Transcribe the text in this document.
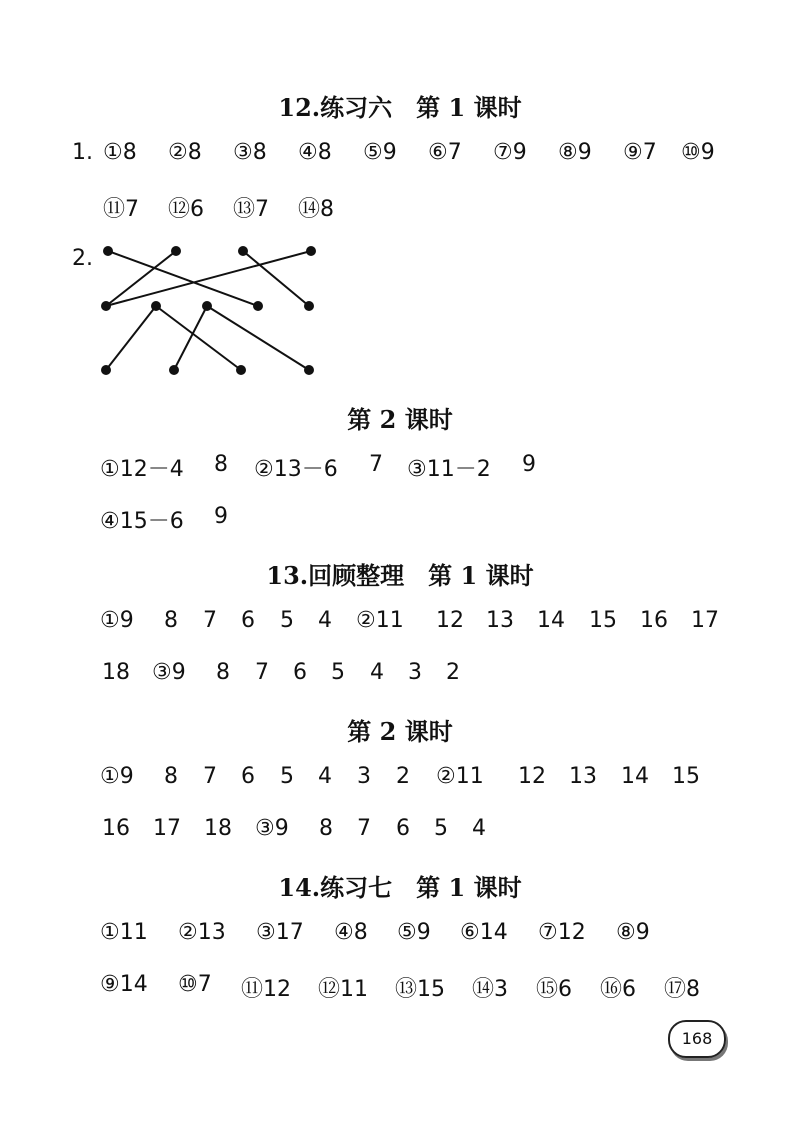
12.练习六　第 1 课时
1. ①8 ②8 ③8 ④8 ⑤9 ⑥7 ⑦9 ⑧9 ⑨7 ⑩9
⑪7 ⑫6 ⑬7 ⑭8
2.
第 2 课时
①12－4 8 ②13－6 7 ③11－2 9
④15－6 9
13.回顾整理　第 1 课时
①9 8 7 6 5 4 ②11 12 13 14 15 16 17
18 ③9 8 7 6 5 4 3 2
第 2 课时
①9 8 7 6 5 4 3 2 ②11 12 13 14 15
16 17 18 ③9 8 7 6 5 4
14.练习七　第 1 课时
①11 ②13 ③17 ④8 ⑤9 ⑥14 ⑦12 ⑧9
⑨14 ⑩7 ⑪12 ⑫11 ⑬15 ⑭3 ⑮6 ⑯6 ⑰8
168
